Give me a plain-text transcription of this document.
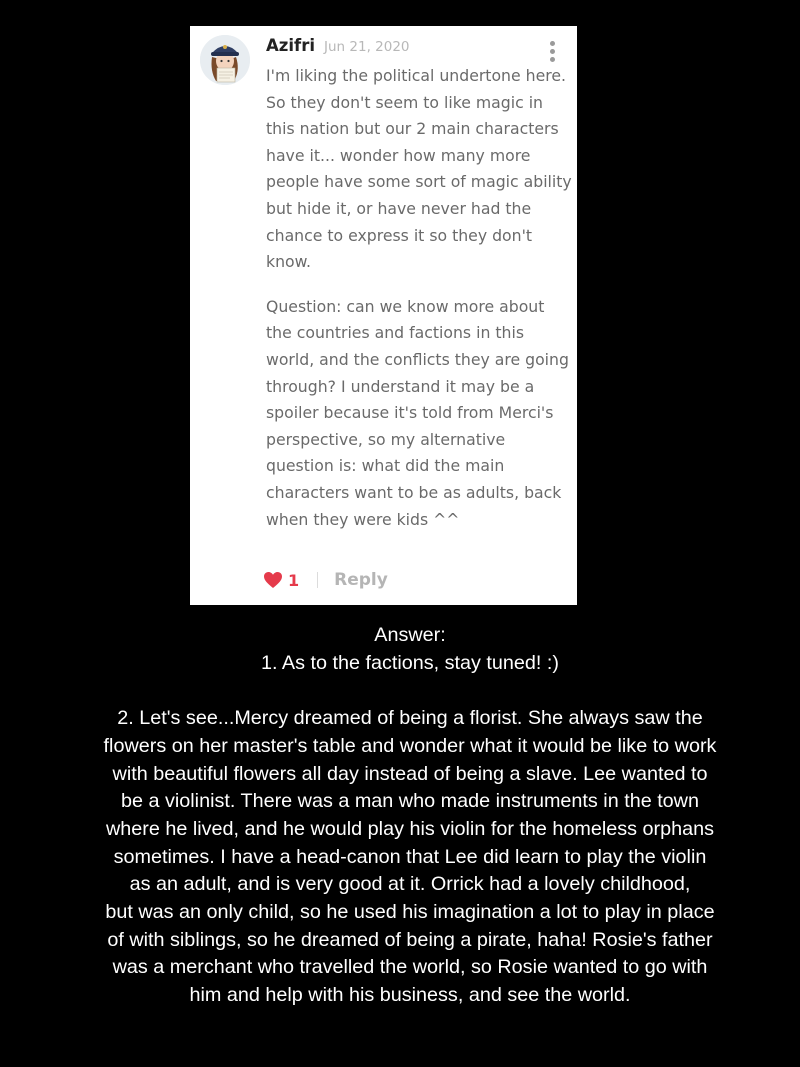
Azifri Jun 21, 2020

I'm liking the political undertone here. So they don't seem to like magic in this nation but our 2 main characters have it... wonder how many more people have some sort of magic ability but hide it, or have never had the chance to express it so they don't know.

Question: can we know more about the countries and factions in this world, and the conflicts they are going through? I understand it may be a spoiler because it's told from Merci's perspective, so my alternative question is: what did the main characters want to be as adults, back when they were kids ^^

1 Reply

Answer:

1. As to the factions, stay tuned! :)

2. Let's see...Mercy dreamed of being a florist. She always saw the

flowers on her master's table and wonder what it would be like to work

with beautiful flowers all day instead of being a slave. Lee wanted to

be a violinist. There was a man who made instruments in the town

where he lived, and he would play his violin for the homeless orphans

sometimes. I have a head-canon that Lee did learn to play the violin

as an adult, and is very good at it. Orrick had a lovely childhood,

but was an only child, so he used his imagination a lot to play in place

of with siblings, so he dreamed of being a pirate, haha! Rosie's father

was a merchant who travelled the world, so Rosie wanted to go with

him and help with his business, and see the world.
